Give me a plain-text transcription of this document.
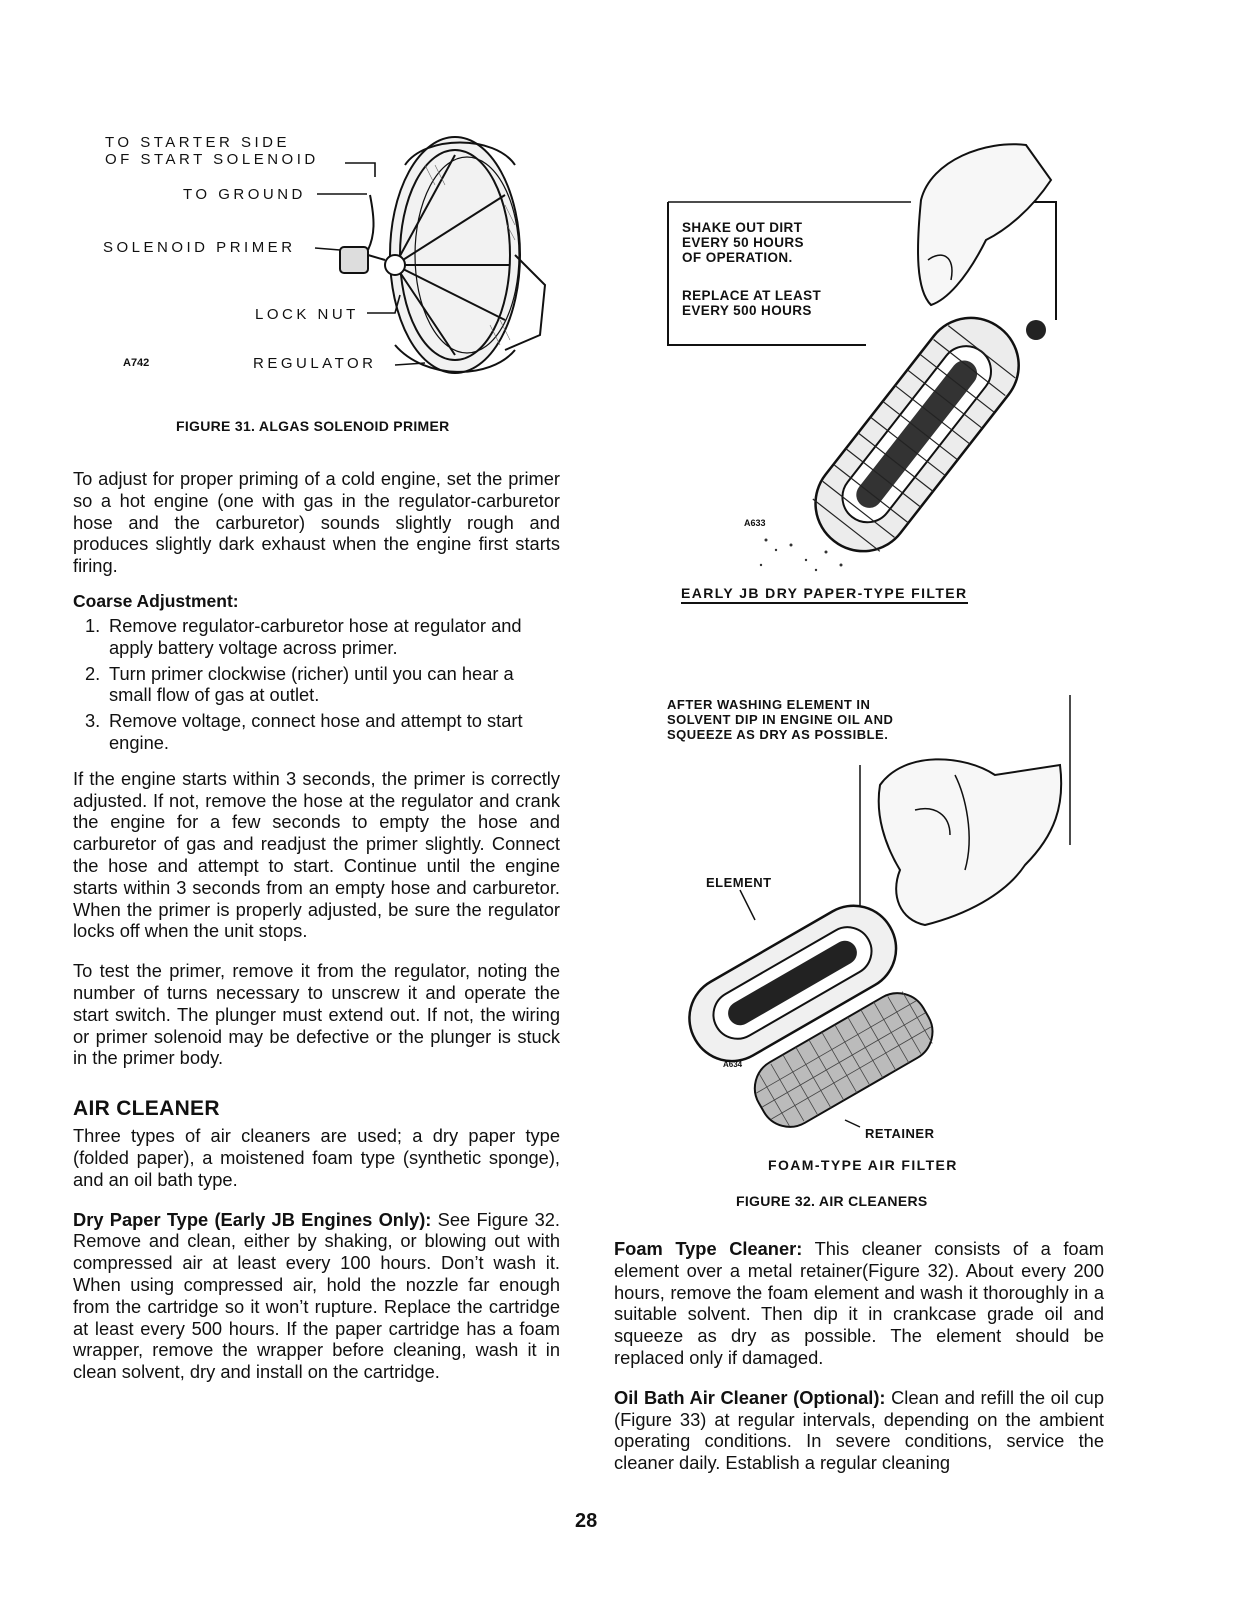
TO STARTER SIDE
OF START SOLENOID
TO GROUND
SOLENOID PRIMER
LOCK NUT
A742	REGULATOR
FIGURE 31. ALGAS SOLENOID PRIMER

To adjust for proper priming of a cold engine, set the primer so a hot engine (one with gas in the regulator-carburetor hose and the carburetor) sounds slightly rough and produces slightly dark exhaust when the engine first starts firing.

Coarse Adjustment:
1. Remove regulator-carburetor hose at regulator and apply battery voltage across primer.
2. Turn primer clockwise (richer) until you can hear a small flow of gas at outlet.
3. Remove voltage, connect hose and attempt to start engine.

If the engine starts within 3 seconds, the primer is correctly adjusted. If not, remove the hose at the regulator and crank the engine for a few seconds to empty the hose and carburetor of gas and readjust the primer slightly. Connect the hose and attempt to start. Continue until the engine starts within 3 seconds from an empty hose and carburetor. When the primer is properly adjusted, be sure the regulator locks off when the unit stops.

To test the primer, remove it from the regulator, noting the number of turns necessary to unscrew it and operate the start switch. The plunger must extend out. If not, the wiring or primer solenoid may be defective or the plunger is stuck in the primer body.

AIR CLEANER

Three types of air cleaners are used; a dry paper type (folded paper), a moistened foam type (synthetic sponge), and an oil bath type.

Dry Paper Type (Early JB Engines Only): See Figure 32. Remove and clean, either by shaking, or blowing out with compressed air at least every 100 hours. Don’t wash it. When using compressed air, hold the nozzle far enough from the cartridge so it won’t rupture. Replace the cartridge at least every 500 hours. If the paper cartridge has a foam wrapper, remove the wrapper before cleaning, wash it in clean solvent, dry and install on the cartridge.

SHAKE OUT DIRT
EVERY 50 HOURS
OF OPERATION.
REPLACE AT LEAST
EVERY 500 HOURS
A633
EARLY JB DRY PAPER-TYPE FILTER
AFTER WASHING ELEMENT IN
SOLVENT DIP IN ENGINE OIL AND
SQUEEZE AS DRY AS POSSIBLE.
ELEMENT
RETAINER
A634
FOAM-TYPE AIR FILTER
FIGURE 32. AIR CLEANERS

Foam Type Cleaner: This cleaner consists of a foam element over a metal retainer(Figure 32). About every 200 hours, remove the foam element and wash it thoroughly in a suitable solvent. Then dip it in crankcase grade oil and squeeze as dry as possible. The element should be replaced only if damaged.

Oil Bath Air Cleaner (Optional): Clean and refill the oil cup (Figure 33) at regular intervals, depending on the ambient operating conditions. In severe conditions, service the cleaner daily. Establish a regular cleaning

28
